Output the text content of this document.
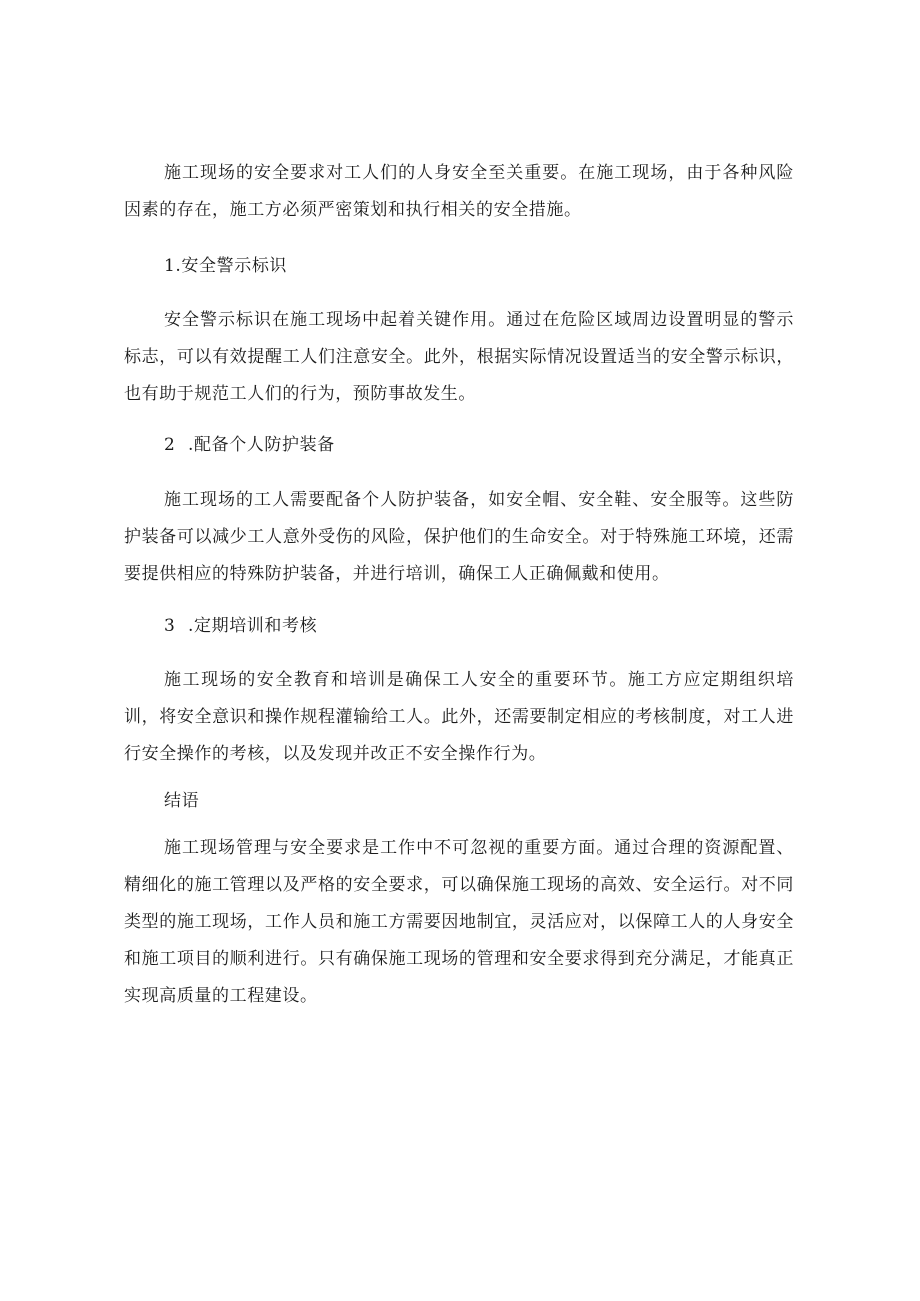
施工现场的安全要求对工人们的人身安全至关重要。在施工现场，由于各种风险因素的存在，施工方必须严密策划和执行相关的安全措施。

1.安全警示标识

安全警示标识在施工现场中起着关键作用。通过在危险区域周边设置明显的警示标志，可以有效提醒工人们注意安全。此外，根据实际情况设置适当的安全警示标识，也有助于规范工人们的行为，预防事故发生。

2 .配备个人防护装备

施工现场的工人需要配备个人防护装备，如安全帽、安全鞋、安全服等。这些防护装备可以减少工人意外受伤的风险，保护他们的生命安全。对于特殊施工环境，还需要提供相应的特殊防护装备，并进行培训，确保工人正确佩戴和使用。

3 .定期培训和考核

施工现场的安全教育和培训是确保工人安全的重要环节。施工方应定期组织培训，将安全意识和操作规程灌输给工人。此外，还需要制定相应的考核制度，对工人进行安全操作的考核，以及发现并改正不安全操作行为。

结语

施工现场管理与安全要求是工作中不可忽视的重要方面。通过合理的资源配置、精细化的施工管理以及严格的安全要求，可以确保施工现场的高效、安全运行。对不同类型的施工现场，工作人员和施工方需要因地制宜，灵活应对，以保障工人的人身安全和施工项目的顺利进行。只有确保施工现场的管理和安全要求得到充分满足，才能真正实现高质量的工程建设。
